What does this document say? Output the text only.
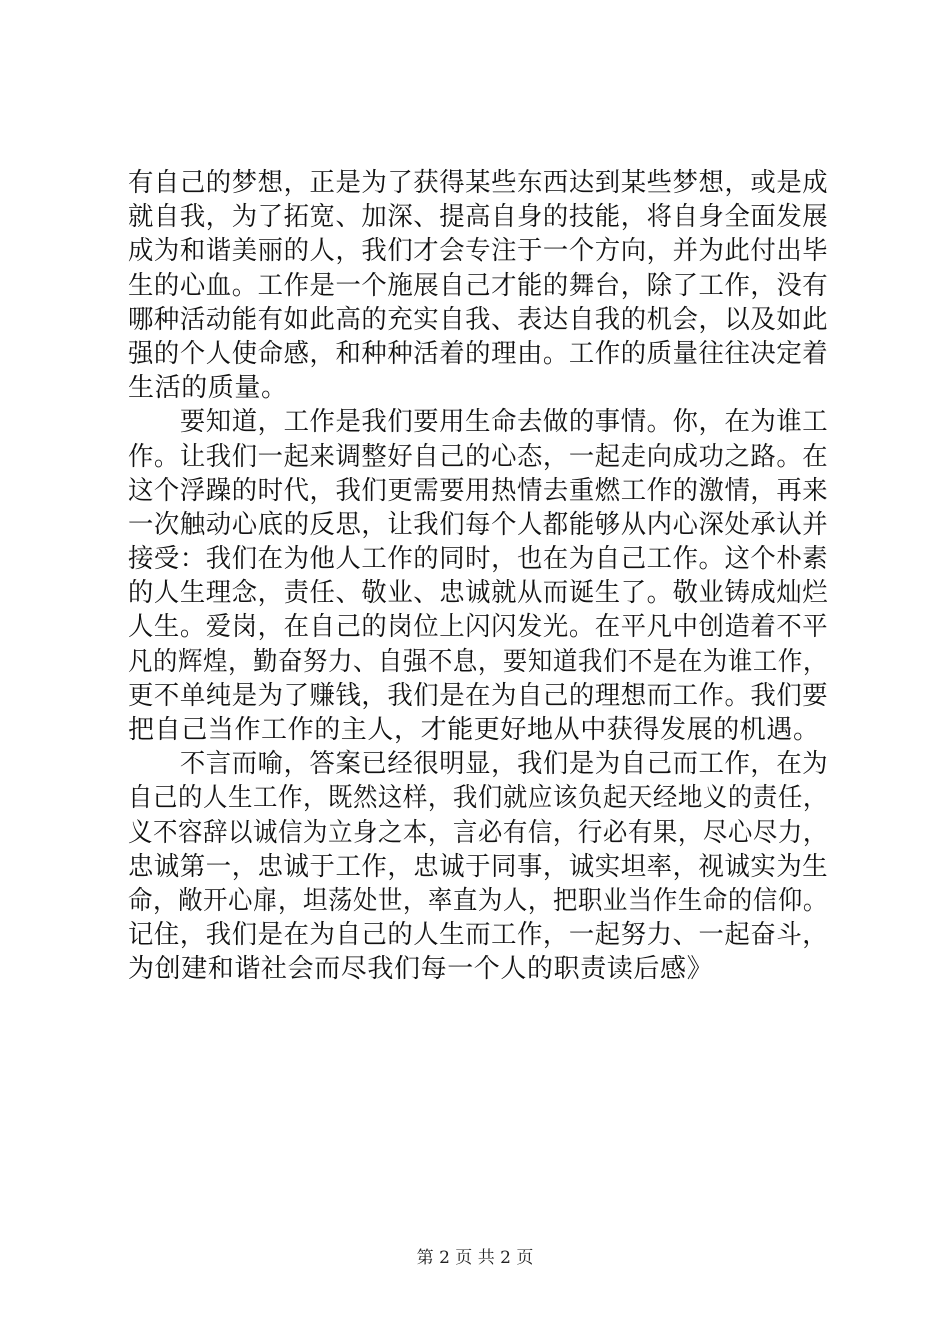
有自己的梦想，正是为了获得某些东西达到某些梦想，或是成
就自我，为了拓宽、加深、提高自身的技能，将自身全面发展
成为和谐美丽的人，我们才会专注于一个方向，并为此付出毕
生的心血。工作是一个施展自己才能的舞台，除了工作，没有
哪种活动能有如此高的充实自我、表达自我的机会，以及如此
强的个人使命感，和种种活着的理由。工作的质量往往决定着
生活的质量。
　　要知道，工作是我们要用生命去做的事情。你，在为谁工
作。让我们一起来调整好自己的心态，一起走向成功之路。在
这个浮躁的时代，我们更需要用热情去重燃工作的激情，再来
一次触动心底的反思，让我们每个人都能够从内心深处承认并
接受：我们在为他人工作的同时，也在为自己工作。这个朴素
的人生理念，责任、敬业、忠诚就从而诞生了。敬业铸成灿烂
人生。爱岗，在自己的岗位上闪闪发光。在平凡中创造着不平
凡的辉煌，勤奋努力、自强不息，要知道我们不是在为谁工作，
更不单纯是为了赚钱，我们是在为自己的理想而工作。我们要
把自己当作工作的主人，才能更好地从中获得发展的机遇。
　　不言而喻，答案已经很明显，我们是为自己而工作，在为
自己的人生工作，既然这样，我们就应该负起天经地义的责任，
义不容辞以诚信为立身之本，言必有信，行必有果，尽心尽力，
忠诚第一，忠诚于工作，忠诚于同事，诚实坦率，视诚实为生
命，敞开心扉，坦荡处世，率直为人，把职业当作生命的信仰。
记住，我们是在为自己的人生而工作，一起努力、一起奋斗，
为创建和谐社会而尽我们每一个人的职责读后感》
第 2 页 共 2 页
